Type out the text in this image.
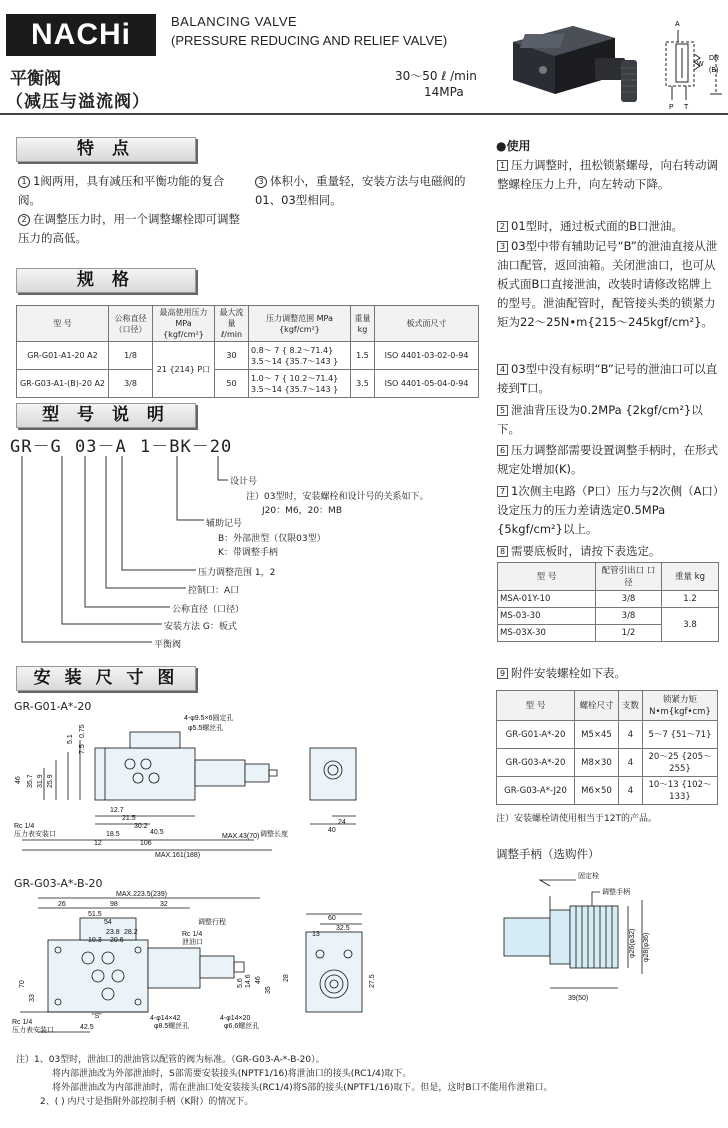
NACHi	BALANCING VALVE
(PRESSURE REDUCING AND RELIEF VALVE)
平衡阀
（减压与溢流阀）
30～50 ℓ /min
14MPa
A
DR
(B)
W
P T
特 点
1 1阀两用，具有减压和平衡功能的复合阀。
2 在调整压力时，用一个调整螺栓即可调整压力的高低。
3 体积小，重量轻，安装方法与电磁阀的01、03型相同。
规 格
型 号	公称直径（口径）	最高使用压力 MPa {kgf/cm²}	最大流量 ℓ/min	压力调整范围 MPa {kgf/cm²}	重量 kg	板式面尺寸
GR-G01-A1-20 A2	1/8	21 {214} P口	30	0.8～ 7 { 8.2～71.4} 3.5～14 {35.7～143 }	1.5	ISO 4401-03-02-0-94
GR-G03-A1-(B)-20 A2	3/8		50	1.0～ 7 { 10.2～71.4} 3.5～14 {35.7～143 }	3.5	ISO 4401-05-04-0-94
型 号 说 明
GR－G 03－A 1－BK－20
设计号
注）03型时，安装螺栓和设计号的关系如下。
J20：M6，20：MB
辅助记号
B：外部泄型（仅限03型）
K：带调整手柄
压力调整范围 1，2
控制口：A口
公称直径（口径）
安装方法 G：板式
平衡阀
安 装 尺 寸 图
GR-G01-A*-20
4-φ9.5×6圆定孔
φ5.5螺丝孔
5.1
7.5
0.75
46 35.7 31.9 25.9
12.7
21.5
30.2
40.5
18.5
106
12
MAX.43(70)
MAX.161(188)
24
40
调整长度
Rc 1/4
压力表安装口
GR-G03-A*-B-20
MAX.223.5(239)
26	98	32
51.5
54
23.8 28.2
10.3 20.6
70
33
42.5
60
32.5
13
28
46
35
5.6 14.6	27.5
调整行程
Rc 1/4
泄油口
Rc 1/4
压力表安装口
"S"	4-φ14×42
φ8.5螺丝孔
4-φ14×20
φ6.6螺丝孔
●使用
1 压力调整时，扭松锁紧螺母，向右转动调整螺栓压力上升，向左转动下降。
2 01型时，通过板式面的B口泄油。
3 03型中带有辅助记号“B”的泄油直接从泄油口配管，返回油箱。关闭泄油口，也可从板式面B口直接泄油，改装时请修改铭牌上的型号。泄油配管时，配管接头类的锁紧力矩为22～25N•m{215～245kgf/cm²}。
4 03型中没有标明“B”记号的泄油口可以直接到T口。
5 泄油背压设为0.2MPa {2kgf/cm²}以下。
6 压力调整部需要设置调整手柄时，在形式规定处增加(K)。
7 1次侧主电路（P口）压力与2次侧（A口）设定压力的压力差请选定0.5MPa {5kgf/cm²}以上。
8 需要底板时，请按下表选定。
型 号	配管引出口 口径	重量 kg
MSA-01Y-10	3/8	1.2
MS-03-30	3/8	3.8
MS-03X-30	1/2	
9 附件安装螺栓如下表。
型 号	螺栓尺寸	支数	锁紧力矩 N•m{kgf•cm}
GR-G01-A*-20	M5×45	4	5～7 {51～71}
GR-G03-A*-20	M8×30	4	20～25 {205～255}
GR-G03-A*-J20	M6×50	4	10～13 {102～133}
注）安装螺栓请使用相当于12T的产品。
调整手柄（选购件）
固定栓
调整手柄
φ26(φ32) φ28(φ36)
39(50)
注）1、03型时，泄油口的泄油管以配管的阀为标准。（GR-G03-A-*-B-20）。
将内部泄油改为外部泄油时，S部需要安装接头(NPTF1/16)将泄油口的接头(RC1/4)取下。
将外部泄油改为内部泄油时，需在泄油口处安装接头(RC1/4)将S部的接头(NPTF1/16)取下。但是，这时B口不能用作泄箱口。
2、( ) 内尺寸是指附外部控制手柄（K附）的情况下。
